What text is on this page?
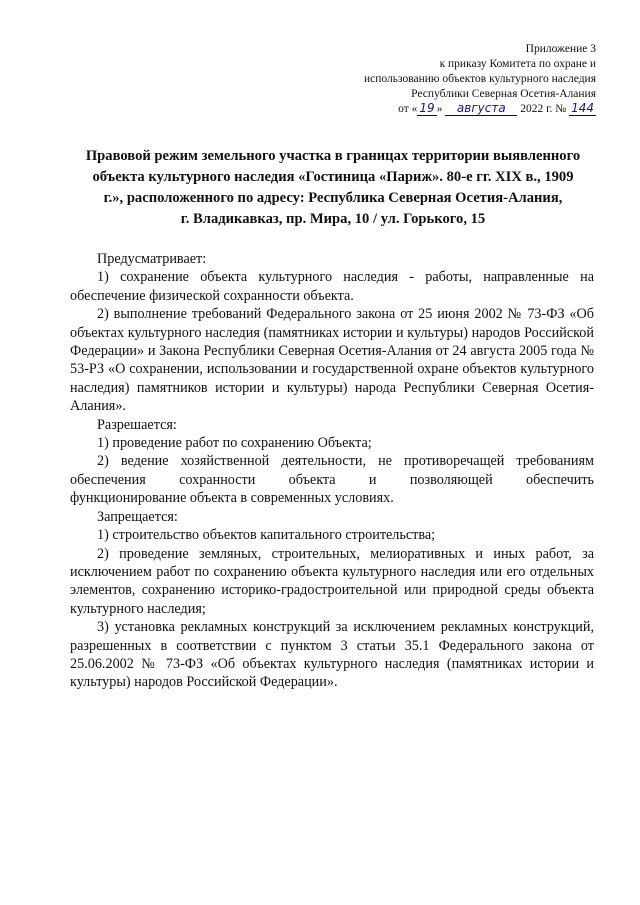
Приложение 3
к приказу Комитета по охране и
использованию объектов культурного наследия
Республики Северная Осетия-Алания
от « 19 » августа 2022 г. № 144
Правовой режим земельного участка в границах территории выявленного
объекта культурного наследия «Гостиница «Париж». 80-е гг. XIX в., 1909
г.», расположенного по адресу: Республика Северная Осетия-Алания,
г. Владикавказ, пр. Мира, 10 / ул. Горького, 15

Предусматривает:

1) сохранение объекта культурного наследия - работы, направленные на обеспечение физической сохранности объекта.

2) выполнение требований Федерального закона от 25 июня 2002 № 73-ФЗ «Об объектах культурного наследия (памятниках истории и культуры) народов Российской Федерации» и Закона Республики Северная Осетия-Алания от 24 августа 2005 года № 53-РЗ «О сохранении, использовании и государственной охране объектов культурного наследия) памятников истории и культуры) народа Республики Северная Осетия-Алания».

Разрешается:

1) проведение работ по сохранению Объекта;

2) ведение хозяйственной деятельности, не противоречащей требованиям обеспечения сохранности объекта и позволяющей обеспечить

функционирование объекта в современных условиях.

Запрещается:

1) строительство объектов капитального строительства;

2) проведение земляных, строительных, мелиоративных и иных работ, за исключением работ по сохранению объекта культурного наследия или его отдельных элементов, сохранению историко-градостроительной или природной среды объекта культурного наследия;

3) установка рекламных конструкций за исключением рекламных конструкций, разрешенных в соответствии с пунктом 3 статьи 35.1 Федерального закона от 25.06.2002 № 73-ФЗ «Об объектах культурного наследия (памятниках истории и культуры) народов Российской Федерации».
